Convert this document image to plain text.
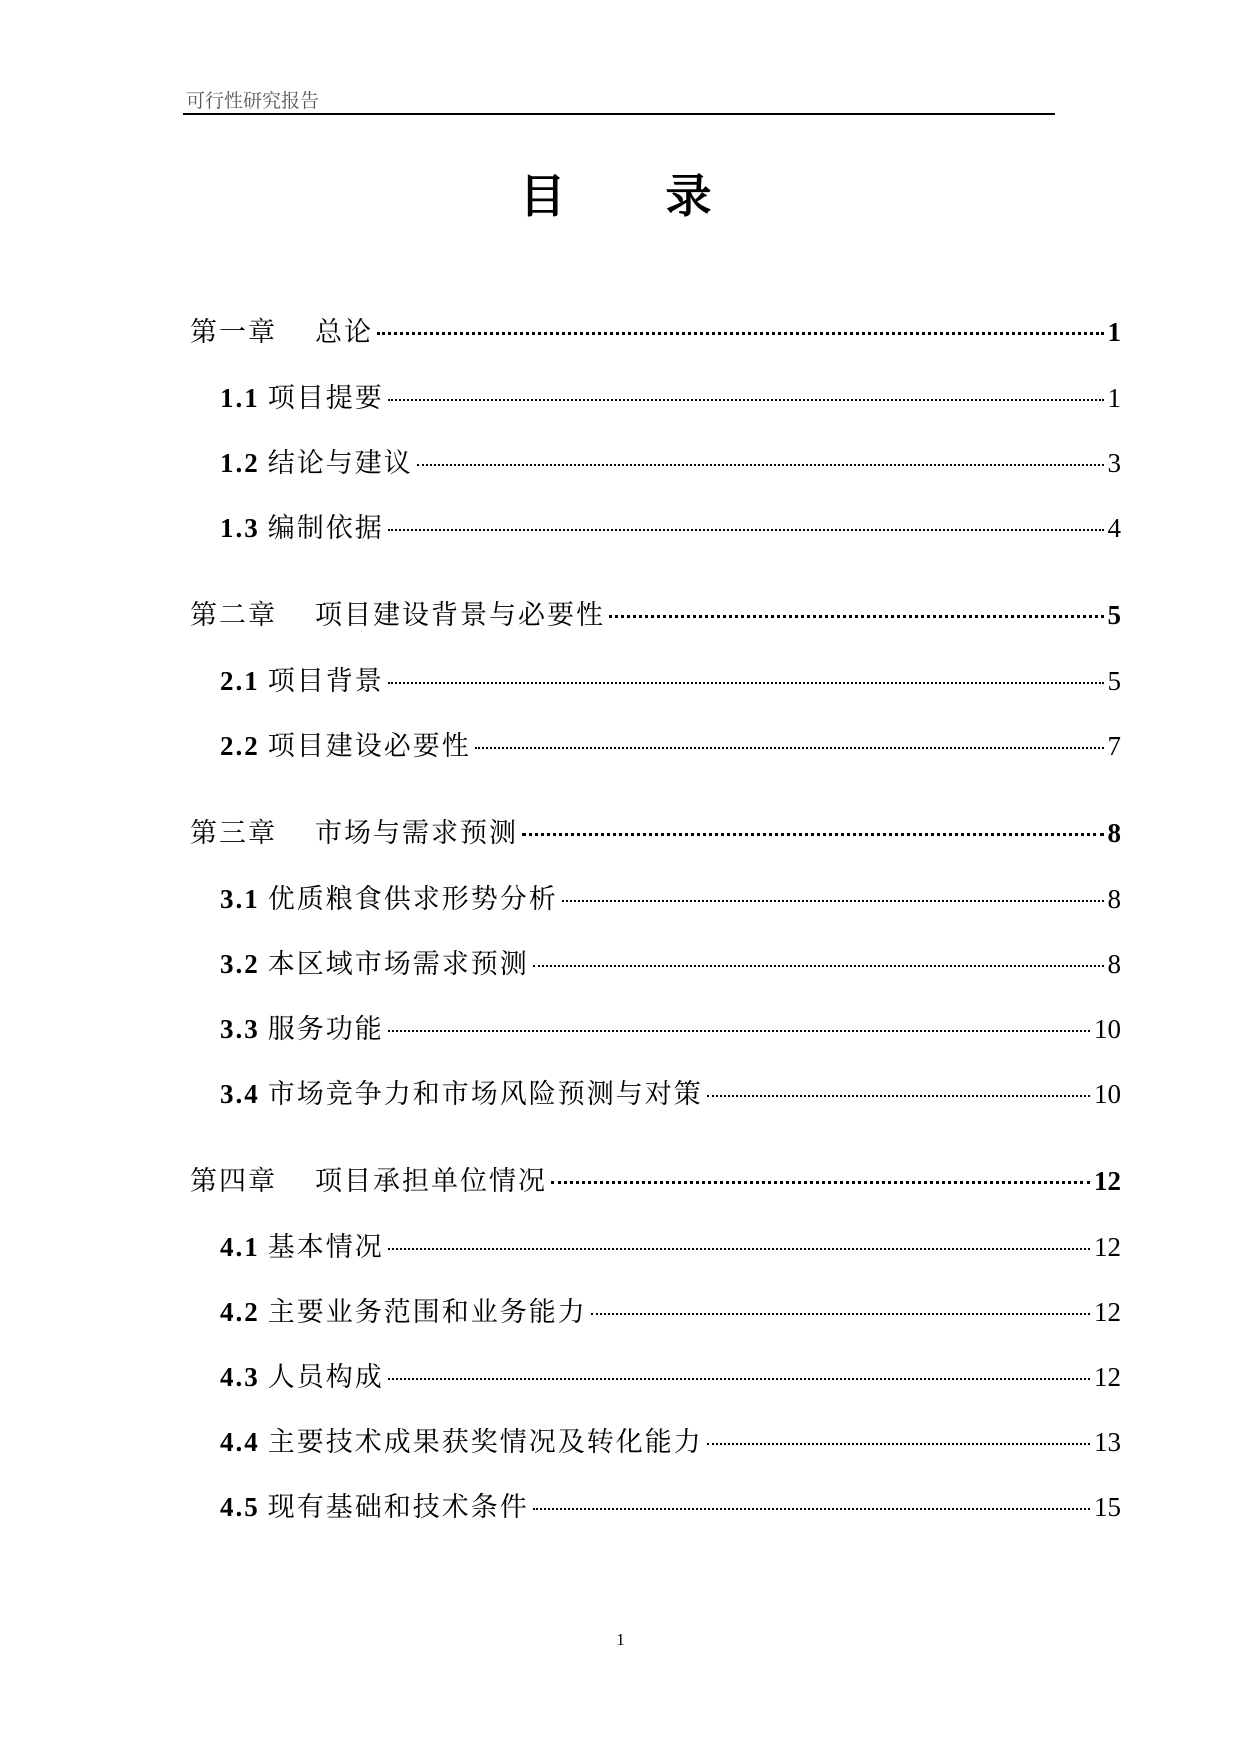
可行性研究报告
目录
第一章 总论	1
1.1 项目提要	1
1.2 结论与建议	3
1.3 编制依据	4
第二章 项目建设背景与必要性	5
2.1 项目背景	5
2.2 项目建设必要性	7
第三章 市场与需求预测	8
3.1 优质粮食供求形势分析	8
3.2 本区域市场需求预测	8
3.3 服务功能	10
3.4 市场竞争力和市场风险预测与对策	10
第四章 项目承担单位情况	12
4.1 基本情况	12
4.2 主要业务范围和业务能力	12
4.3 人员构成	12
4.4 主要技术成果获奖情况及转化能力	13
4.5 现有基础和技术条件	15
1
